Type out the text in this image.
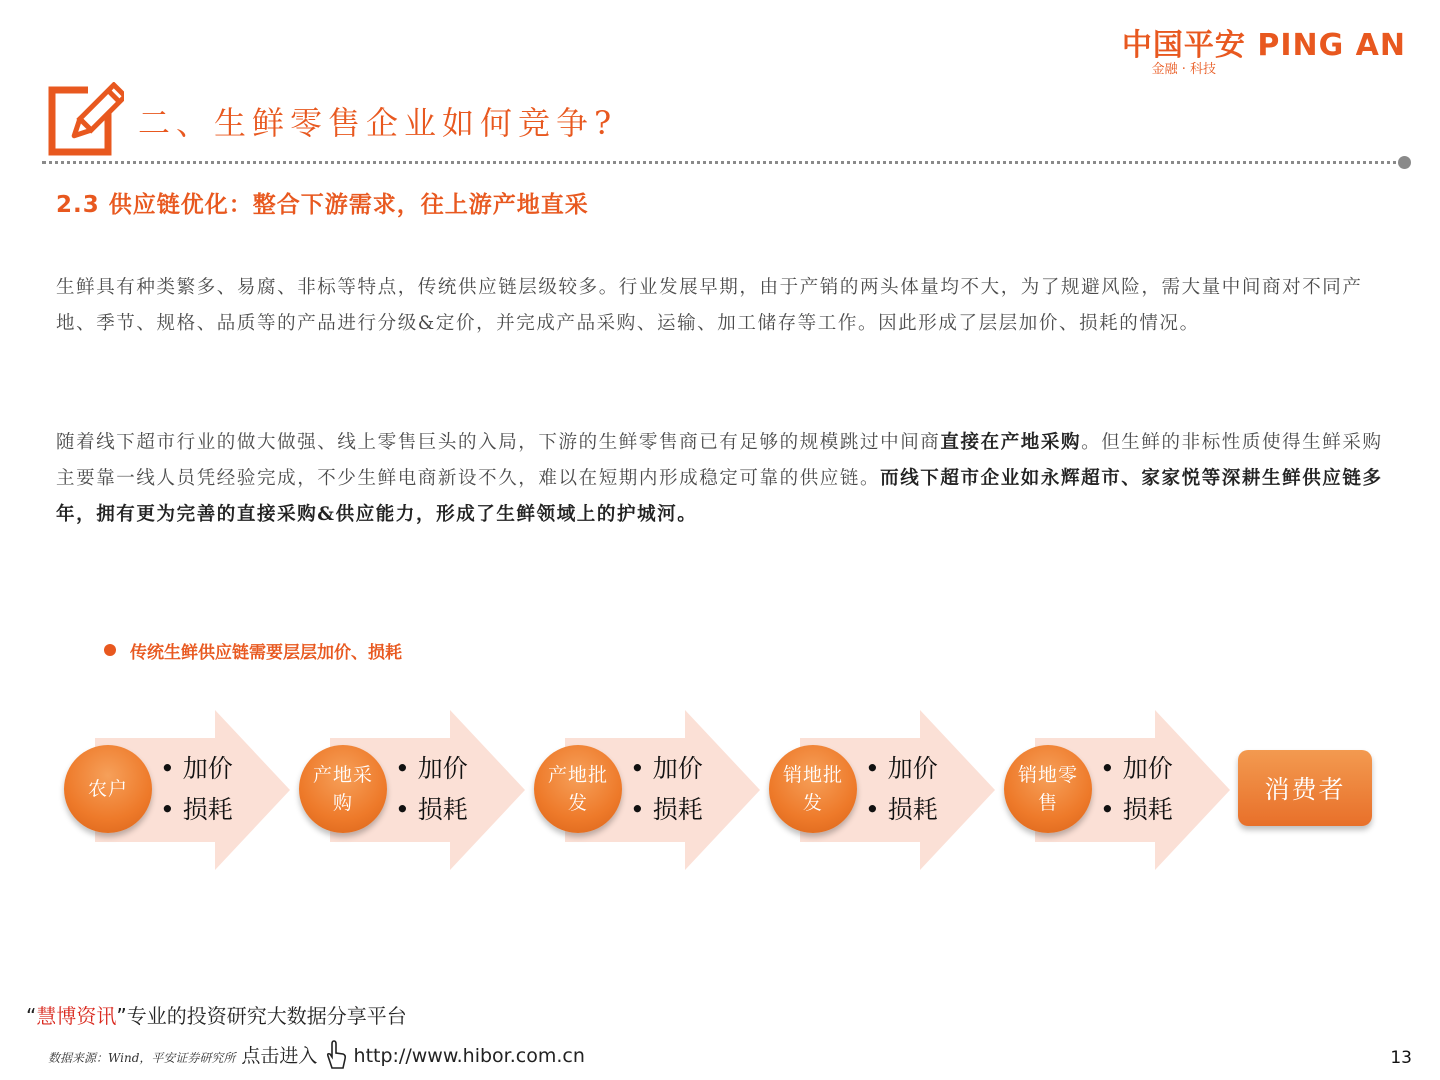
中国平安 PING AN
金融 · 科技
二、生鲜零售企业如何竞争?
2.3 供应链优化：整合下游需求，往上游产地直采
生鲜具有种类繁多、易腐、非标等特点，传统供应链层级较多。行业发展早期，由于产销的两头体量均不大，为了规避风险，需大量中间商对不同产地、季节、规格、品质等的产品进行分级&定价，并完成产品采购、运输、加工储存等工作。因此形成了层层加价、损耗的情况。
随着线下超市行业的做大做强、线上零售巨头的入局，下游的生鲜零售商已有足够的规模跳过中间商直接在产地采购。但生鲜的非标性质使得生鲜采购主要靠一线人员凭经验完成，不少生鲜电商新设不久，难以在短期内形成稳定可靠的供应链。而线下超市企业如永辉超市、家家悦等深耕生鲜供应链多年，拥有更为完善的直接采购&供应能力，形成了生鲜领域上的护城河。
传统生鲜供应链需要层层加价、损耗
农户
• 加价
• 损耗
产地采购
• 加价
• 损耗
产地批发
• 加价
• 损耗
销地批发
• 加价
• 损耗
销地零售
• 加价
• 损耗
消费者
“慧博资讯”专业的投资研究大数据分享平台
数据来源：Wind，平安证券研究所 点击进入 http://www.hibor.com.cn	13
